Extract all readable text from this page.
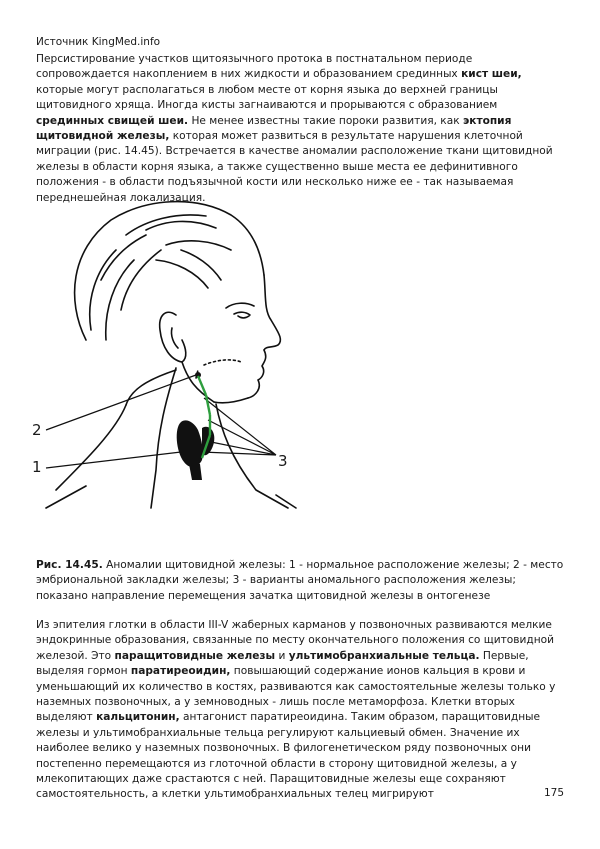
Источник KingMed.info

Персистирование участков щитоязычного протока в постнатальном периоде сопровождается накоплением в них жидкости и образованием срединных кист шеи, которые могут располагаться в любом месте от корня языка до верхней границы щитовидного хряща. Иногда кисты загнаиваются и прорываются с образованием срединных свищей шеи. Не менее известны такие пороки развития, как эктопия щитовидной железы, которая может развиться в результате нарушения клеточной миграции (рис. 14.45). Встречается в качестве аномалии расположение ткани щитовидной железы в области корня языка, а также существенно выше места ее дефинитивного положения - в области подъязычной кости или несколько ниже ее - так называемая переднешейная локализация.

2
1	3

Рис. 14.45. Аномалии щитовидной железы: 1 - нормальное расположение железы; 2 - место эмбриональной закладки железы; 3 - варианты аномального расположения железы; показано направление перемещения зачатка щитовидной железы в онтогенезе

Из эпителия глотки в области III-V жаберных карманов у позвоночных развиваются мелкие эндокринные образования, связанные по месту окончательного положения со щитовидной железой. Это паращитовидные железы и ультимобранхиальные тельца. Первые, выделяя гормон паратиреоидин, повышающий содержание ионов кальция в крови и уменьшающий их количество в костях, развиваются как самостоятельные железы только у наземных позвоночных, а у земноводных - лишь после метаморфоза. Клетки вторых выделяют кальцитонин, антагонист паратиреоидина. Таким образом, паращитовидные железы и ультимобранхиальные тельца регулируют кальциевый обмен. Значение их наиболее велико у наземных позвоночных. В филогенетическом ряду позвоночных они постепенно перемещаются из глоточной области в сторону щитовидной железы, а у млекопитающих даже срастаются с ней. Паращитовидные железы еще сохраняют самостоятельность, а клетки ультимобранхиальных телец мигрируют	175
